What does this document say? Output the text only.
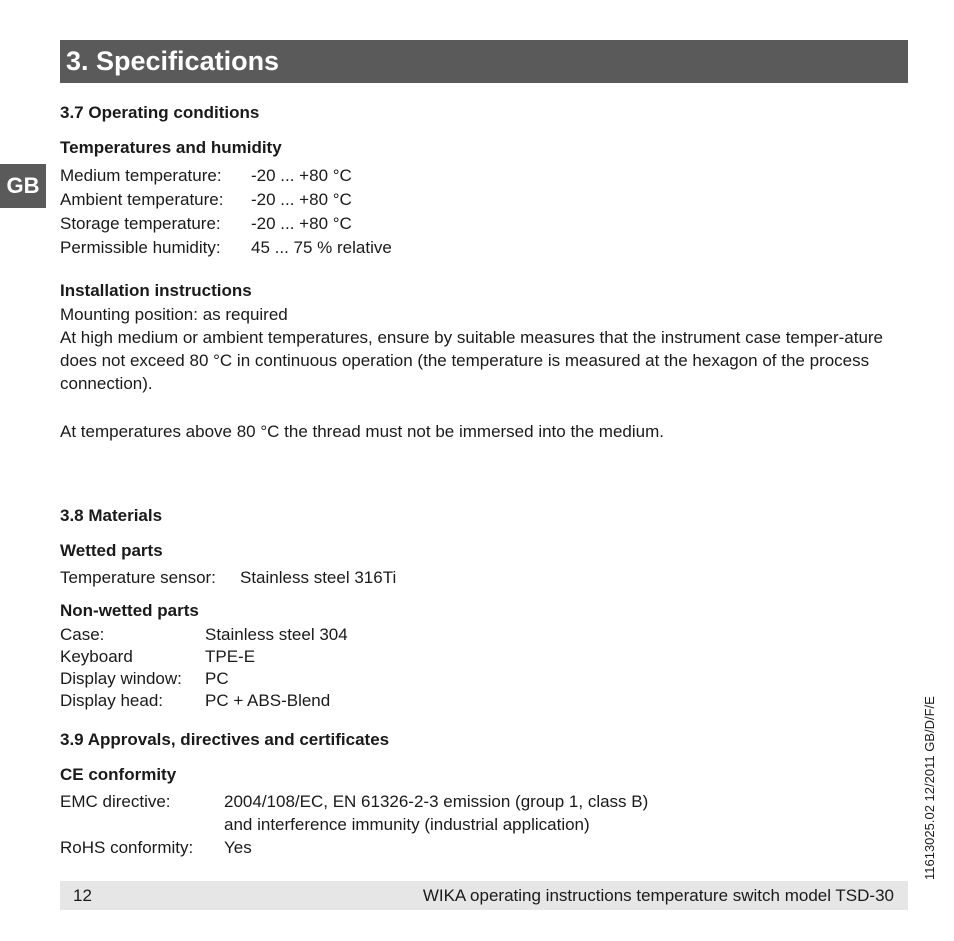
3. Specifications
GB
3.7 Operating conditions
Temperatures and humidity
Medium temperature: -20 ... +80 °C
Ambient temperature: -20 ... +80 °C
Storage temperature: -20 ... +80 °C
Permissible humidity: 45 ... 75 % relative
Installation instructions
Mounting position: as required
At high medium or ambient temperatures, ensure by suitable measures that the instrument case temper-ature does not exceed 80 °C in continuous operation (the temperature is measured at the hexagon of the process connection).
At temperatures above 80 °C the thread must not be immersed into the medium.
3.8 Materials
Wetted parts
Temperature sensor: Stainless steel 316Ti
Non-wetted parts
Case:	Stainless steel 304
Keyboard	TPE-E
Display window: PC
Display head: PC + ABS-Blend
3.9 Approvals, directives and certificates
CE conformity
EMC directive:	2004/108/EC, EN 61326-2-3 emission (group 1, class B)
and interference immunity (industrial application)
RoHS conformity: Yes
12	WIKA operating instructions temperature switch model TSD-30
11613025.02 12/2011 GB/D/F/E
